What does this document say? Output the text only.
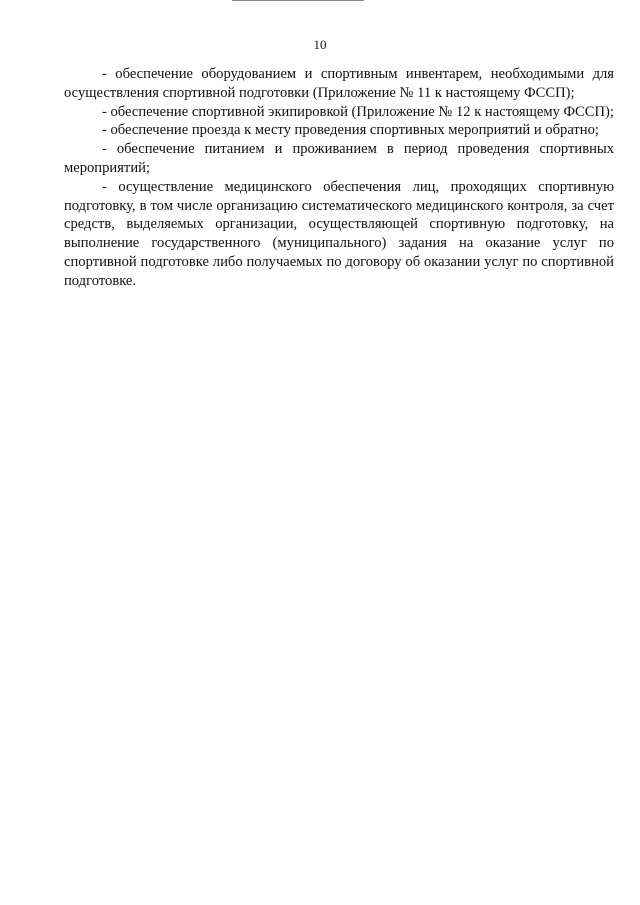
10

- обеспечение оборудованием и спортивным инвентарем, необходимыми для осуществления спортивной подготовки (Приложение № 11 к настоящему ФССП);

- обеспечение спортивной экипировкой (Приложение № 12 к настоящему ФССП);

- обеспечение проезда к месту проведения спортивных мероприятий и обратно;

- обеспечение питанием и проживанием в период проведения спортивных мероприятий;

- осуществление медицинского обеспечения лиц, проходящих спортивную подготовку, в том числе организацию систематического медицинского контроля, за счет средств, выделяемых организации, осуществляющей спортивную подготовку, на выполнение государственного (муниципального) задания на оказание услуг по спортивной подготовке либо получаемых по договору об оказании услуг по спортивной подготовке.
